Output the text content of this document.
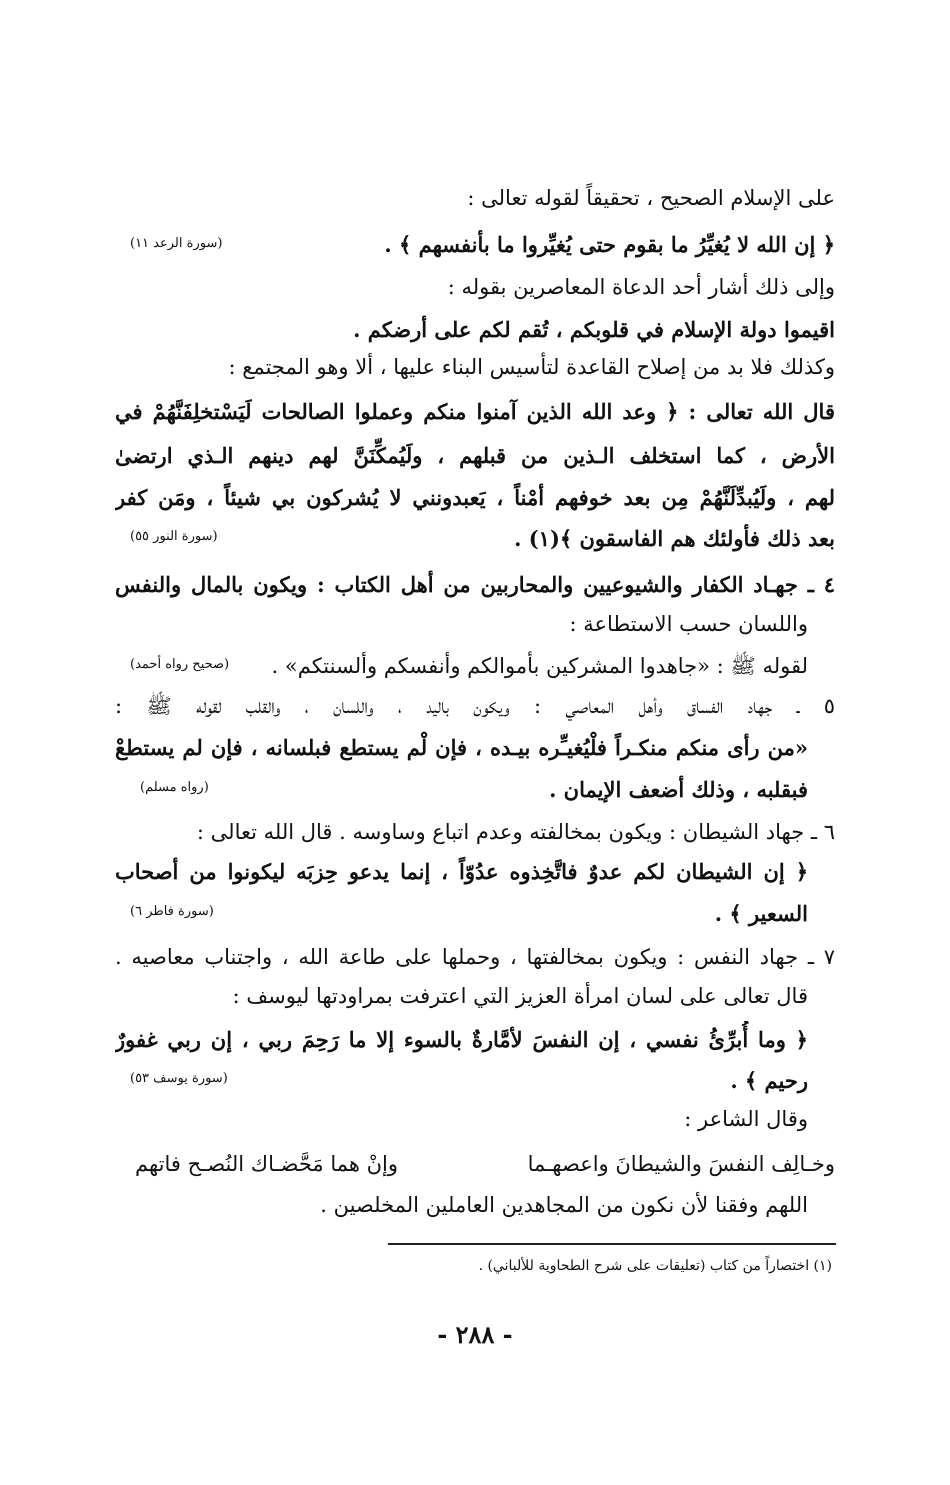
على الإسلام الصحيح ، تحقيقاً لقوله تعالى :
﴿ إن الله لا يُغيِّرُ ما بقوم حتى يُغيِّروا ما بأنفسهم ﴾ .
وإلى ذلك أشار أحد الدعاة المعاصرين بقوله :
اقيموا دولة الإسلام في قلوبكم ، تُقم لكم على أرضكم .
وكذلك فلا بد من إصلاح القاعدة لتأسيس البناء عليها ، ألا وهو المجتمع :
قال الله تعالى : ﴿ وعد الله الذين آمنوا منكم وعملوا الصالحات لَيَسْتخلِفَنَّهُمْ في
الأرض ، كما استخلف الـذين من قبلهم ، ولَيُمكِّنَنَّ لهم دينهم الـذي ارتضىٰ
لهم ، ولَيُبدِّلَنَّهُمْ مِن بعد خوفهم أمْناً ، يَعبدونني لا يُشركون بي شيئاً ، ومَن كفر
بعد ذلك فأولئك هم الفاسقون ﴾(١) .
٤ ـ جهـاد الكفار والشيوعيين والمحاربين من أهل الكتاب : ويكون بالمال والنفس
واللسان حسب الاستطاعة :
لقوله ﷺ : «جاهدوا المشركين بأموالكم وأنفسكم وألسنتكم» .
٥ ـ جهاد الفساق وأهل المعاصي : ويكون باليد ، واللسان ، والقلب لقوله ﷺ :
«من رأى منكم منكـراً فلْيُغيـِّره بيـده ، فإن لْم يستطع فبلسانه ، فإن لم يستطعْ
فبقلبه ، وذلك أضعف الإيمان .
٦ ـ جهاد الشيطان : ويكون بمخالفته وعدم اتباع وساوسه . قال الله تعالى :
﴿ إن الشيطان لكم عدوٌ فاتَّخِذوه عدُوّاً ، إنما يدعو حِزبَه ليكونوا من أصحاب
السعير ﴾ .
٧ ـ جهاد النفس : ويكون بمخالفتها ، وحملها على طاعة الله ، واجتناب معاصيه .
قال تعالى على لسان امرأة العزيز التي اعترفت بمراودتها ليوسف :
﴿ وما أُبرِّئُ نفسي ، إن النفسَ لأمَّارةٌ بالسوء إلا ما رَحِمَ ربي ، إن ربي غفورٌ
رحيم ﴾ .
وقال الشاعر :
وخـالِف النفسَ والشيطانَ واعصهـما
وإنْ هما مَحَّضـاك النُصـح فاتهم
اللهم وفقنا لأن نكون من المجاهدين العاملين المخلصين .
(سورة الرعد ١١)
(سورة النور ٥٥)
(صحيح رواه أحمد)
(رواه مسلم)
(سورة فاطر ٦)
(سورة يوسف ٥٣)
(١) اختصاراً من كتاب (تعليقات على شرح الطحاوية للألباني) .
- ٢٨٨ -
